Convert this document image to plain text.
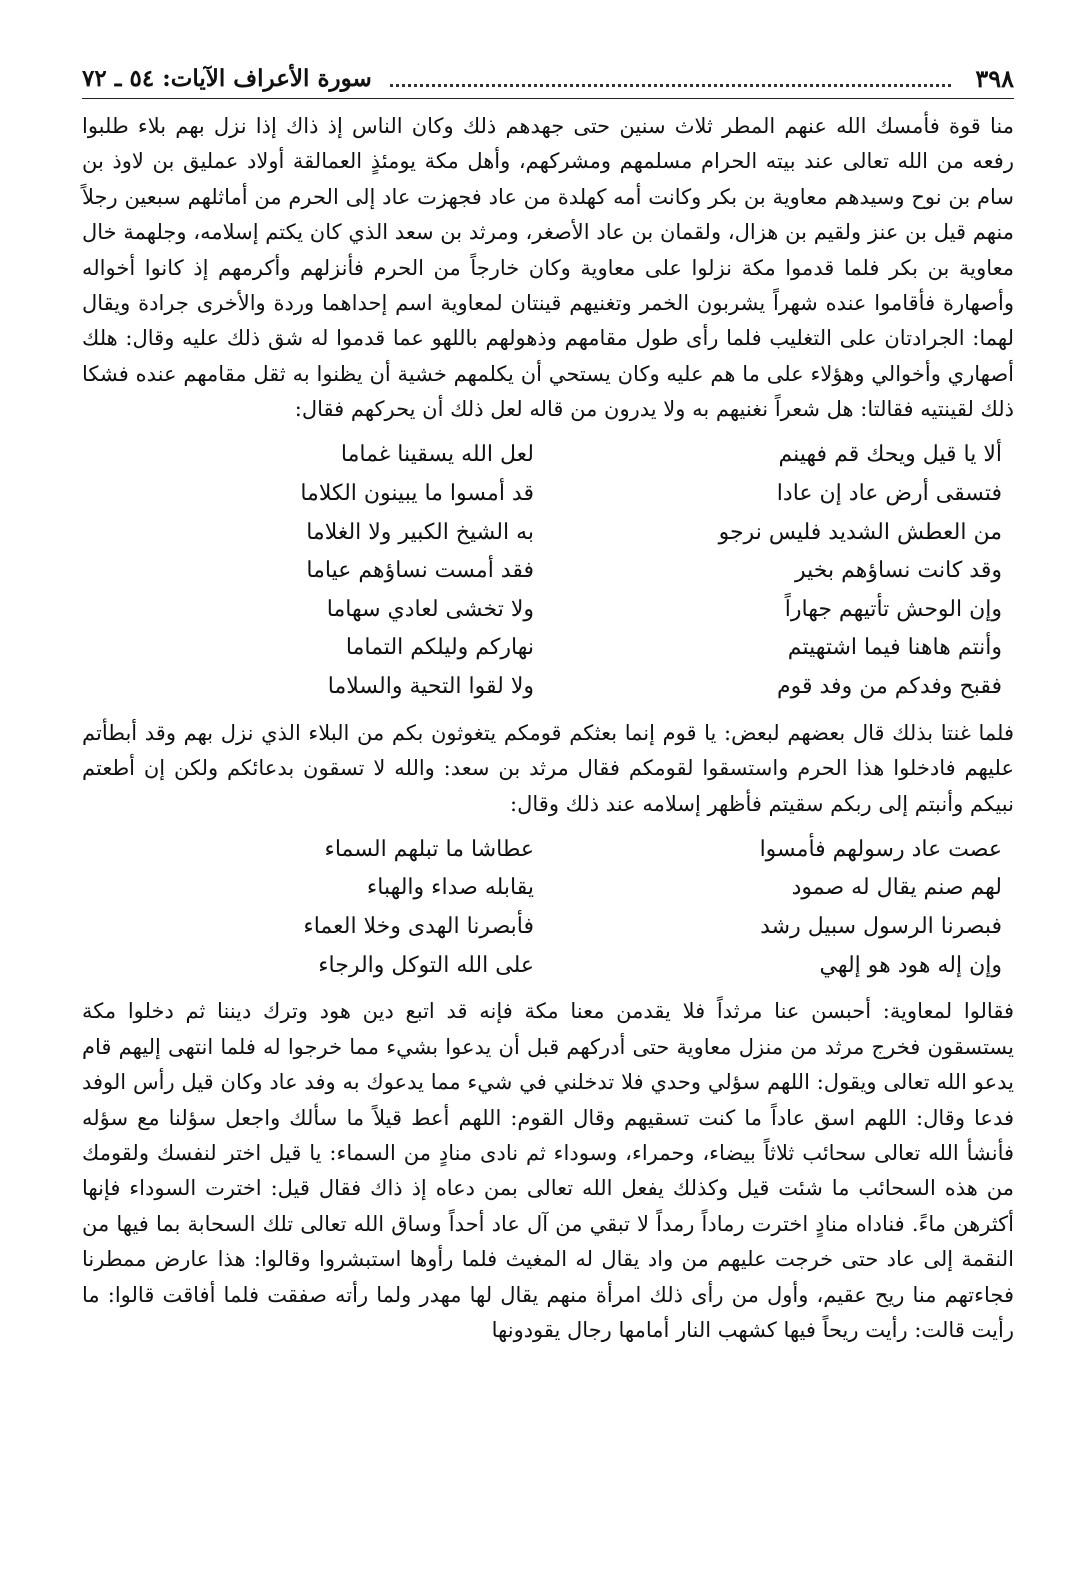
٣٩٨
سورة الأعراف الآيات: ٥٤ ـ ٧٢

منا قوة فأمسك الله عنهم المطر ثلاث سنين حتى جهدهم ذلك وكان الناس إذ ذاك إذا نزل بهم بلاء طلبوا رفعه من الله تعالى عند بيته الحرام مسلمهم ومشركهم، وأهل مكة يومئذٍ العمالقة أولاد عمليق بن لاوذ بن سام بن نوح وسيدهم معاوية بن بكر وكانت أمه كهلدة من عاد فجهزت عاد إلى الحرم من أماثلهم سبعين رجلاً منهم قيل بن عنز ولقيم بن هزال، ولقمان بن عاد الأصغر، ومرثد بن سعد الذي كان يكتم إسلامه، وجلهمة خال معاوية بن بكر فلما قدموا مكة نزلوا على معاوية وكان خارجاً من الحرم فأنزلهم وأكرمهم إذ كانوا أخواله وأصهارة فأقاموا عنده شهراً يشربون الخمر وتغنيهم قينتان لمعاوية اسم إحداهما وردة والأخرى جرادة ويقال لهما: الجرادتان على التغليب فلما رأى طول مقامهم وذهولهم باللهو عما قدموا له شق ذلك عليه وقال: هلك أصهاري وأخوالي وهؤلاء على ما هم عليه وكان يستحي أن يكلمهم خشية أن يظنوا به ثقل مقامهم عنده فشكا ذلك لقينتيه فقالتا: هل شعراً نغنيهم به ولا يدرون من قاله لعل ذلك أن يحركهم فقال:

ألا يا قيل ويحك قم فهينم
لعل الله يسقينا غماما
فتسقى أرض عاد إن عادا
قد أمسوا ما يبينون الكلاما
من العطش الشديد فليس نرجو
به الشيخ الكبير ولا الغلاما
وقد كانت نساؤهم بخير
فقد أمست نساؤهم عياما
وإن الوحش تأتيهم جهاراً
ولا تخشى لعادي سهاما
وأنتم هاهنا فيما اشتهيتم
نهاركم وليلكم التماما
فقبح وفدكم من وفد قوم
ولا لقوا التحية والسلاما

فلما غنتا بذلك قال بعضهم لبعض: يا قوم إنما بعثكم قومكم يتغوثون بكم من البلاء الذي نزل بهم وقد أبطأتم عليهم فادخلوا هذا الحرم واستسقوا لقومكم فقال مرثد بن سعد: والله لا تسقون بدعائكم ولكن إن أطعتم نبيكم وأنبتم إلى ربكم سقيتم فأظهر إسلامه عند ذلك وقال:

عصت عاد رسولهم فأمسوا
عطاشا ما تبلهم السماء
لهم صنم يقال له صمود
يقابله صداء والهباء
فبصرنا الرسول سبيل رشد
فأبصرنا الهدى وخلا العماء
وإن إله هود هو إلهي
على الله التوكل والرجاء

فقالوا لمعاوية: أحبسن عنا مرثداً فلا يقدمن معنا مكة فإنه قد اتبع دين هود وترك ديننا ثم دخلوا مكة يستسقون فخرج مرثد من منزل معاوية حتى أدركهم قبل أن يدعوا بشيء مما خرجوا له فلما انتهى إليهم قام يدعو الله تعالى ويقول: اللهم سؤلي وحدي فلا تدخلني في شيء مما يدعوك به وفد عاد وكان قيل رأس الوفد فدعا وقال: اللهم اسق عاداً ما كنت تسقيهم وقال القوم: اللهم أعط قيلاً ما سألك واجعل سؤلنا مع سؤله فأنشأ الله تعالى سحائب ثلاثاً بيضاء، وحمراء، وسوداء ثم نادى منادٍ من السماء: يا قيل اختر لنفسك ولقومك من هذه السحائب ما شئت قيل وكذلك يفعل الله تعالى بمن دعاه إذ ذاك فقال قيل: اخترت السوداء فإنها أكثرهن ماءً. فناداه منادٍ اخترت رماداً رمداً لا تبقي من آل عاد أحداً وساق الله تعالى تلك السحابة بما فيها من النقمة إلى عاد حتى خرجت عليهم من واد يقال له المغيث فلما رأوها استبشروا وقالوا: هذا عارض ممطرنا فجاءتهم منا ريح عقيم، وأول من رأى ذلك امرأة منهم يقال لها مهدر ولما رأته صفقت فلما أفاقت قالوا: ما رأيت قالت: رأيت ريحاً فيها كشهب النار أمامها رجال يقودونها
